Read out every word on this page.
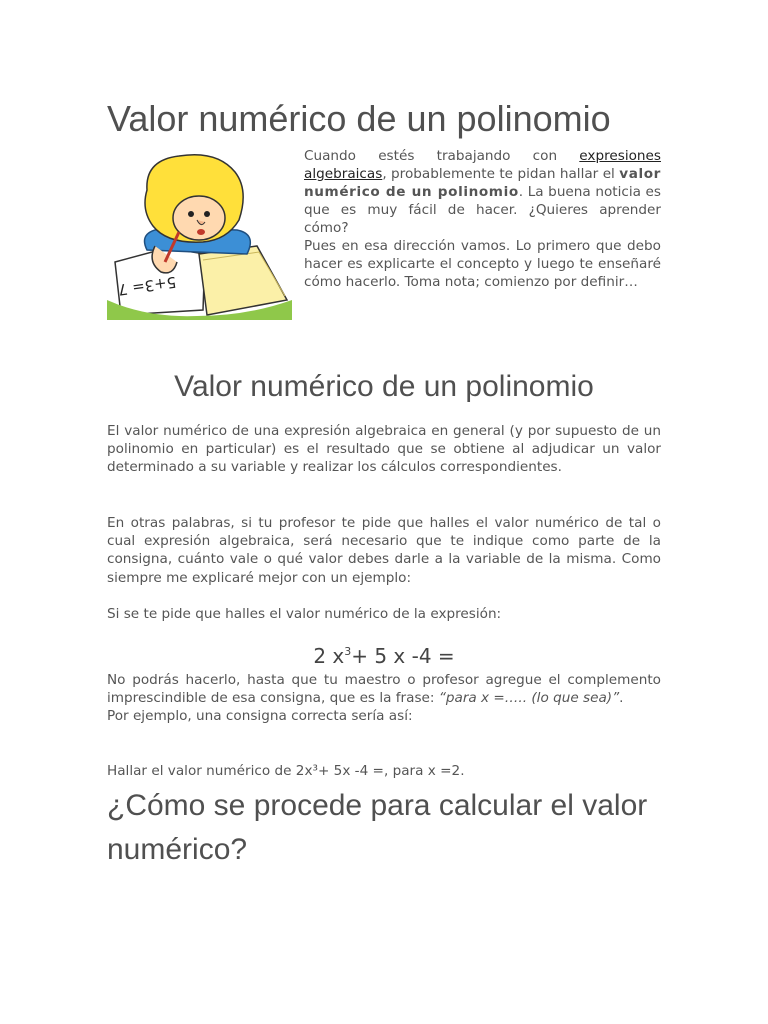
Valor numérico de un polinomio
5+3= 7

Cuando estés trabajando con expresiones algebraicas, probablemente te pidan hallar el valor numérico de un polinomio. La buena noticia es que es muy fácil de hacer. ¿Quieres aprender cómo?

Pues en esa dirección vamos. Lo primero que debo hacer es explicarte el concepto y luego te enseñaré cómo hacerlo. Toma nota; comienzo por definir…

Valor numérico de un polinomio

El valor numérico de una expresión algebraica en general (y por supuesto de un polinomio en particular) es el resultado que se obtiene al adjudicar un valor determinado a su variable y realizar los cálculos correspondientes.

En otras palabras, si tu profesor te pide que halles el valor numérico de tal o cual expresión algebraica, será necesario que te indique como parte de la consigna, cuánto vale o qué valor debes darle a la variable de la misma. Como siempre me explicaré mejor con un ejemplo:

Si se te pide que halles el valor numérico de la expresión:

2 $x^3+ 5$ x -4 =

No podrás hacerlo, hasta que tu maestro o profesor agregue el complemento imprescindible de esa consigna, que es la frase: “para x =….. (lo que sea)”.
Por ejemplo, una consigna correcta sería así:

Hallar el valor numérico de 2x³+ 5x -4 =, para x =2.

¿Cómo se procede para calcular el valor numérico?
